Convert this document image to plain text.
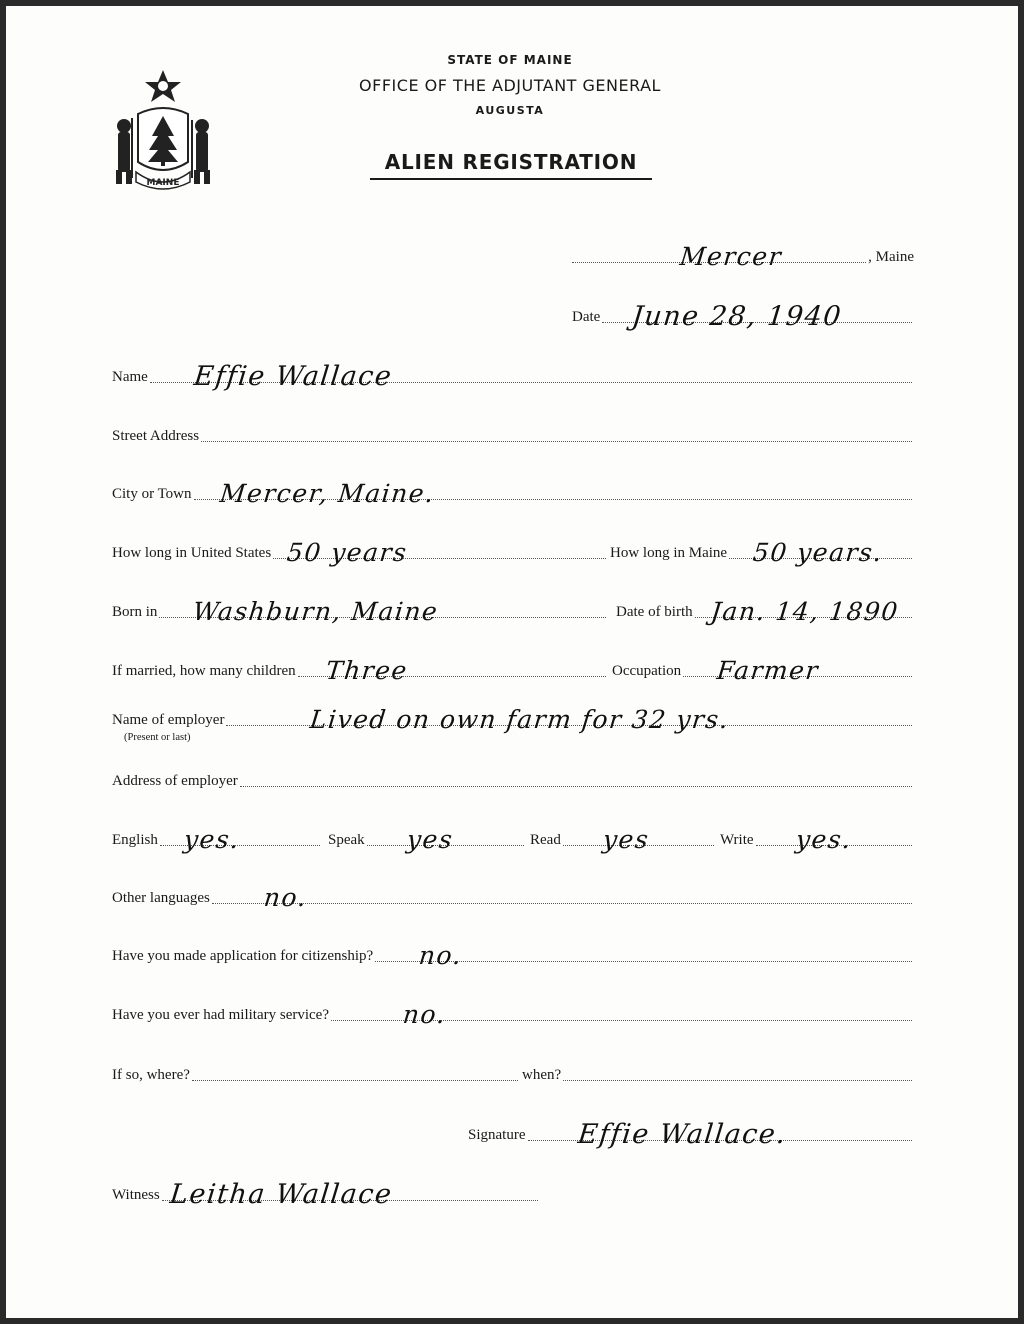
MAINE
STATE OF MAINE
OFFICE OF THE ADJUTANT GENERAL
AUGUSTA
ALIEN REGISTRATION
Mercer	, Maine
Date June 28, 1940
Name Effie Wallace
Street Address
City or Town Mercer, Maine.
How long in United States 50 years	How long in Maine 50 years.
Born in Washburn, Maine	Date of birth Jan. 14, 1890
If married, how many children Three	Occupation Farmer
Name of employer
(Present or last)
Lived on own farm for 32 yrs.
Address of employer
English yes.	Speak yes	Read yes	Write yes.
Other languages no.
Have you made application for citizenship? no.
Have you ever had military service?	no.
If so, where?	when?
Signature Effie Wallace.
Witness Leitha Wallace
